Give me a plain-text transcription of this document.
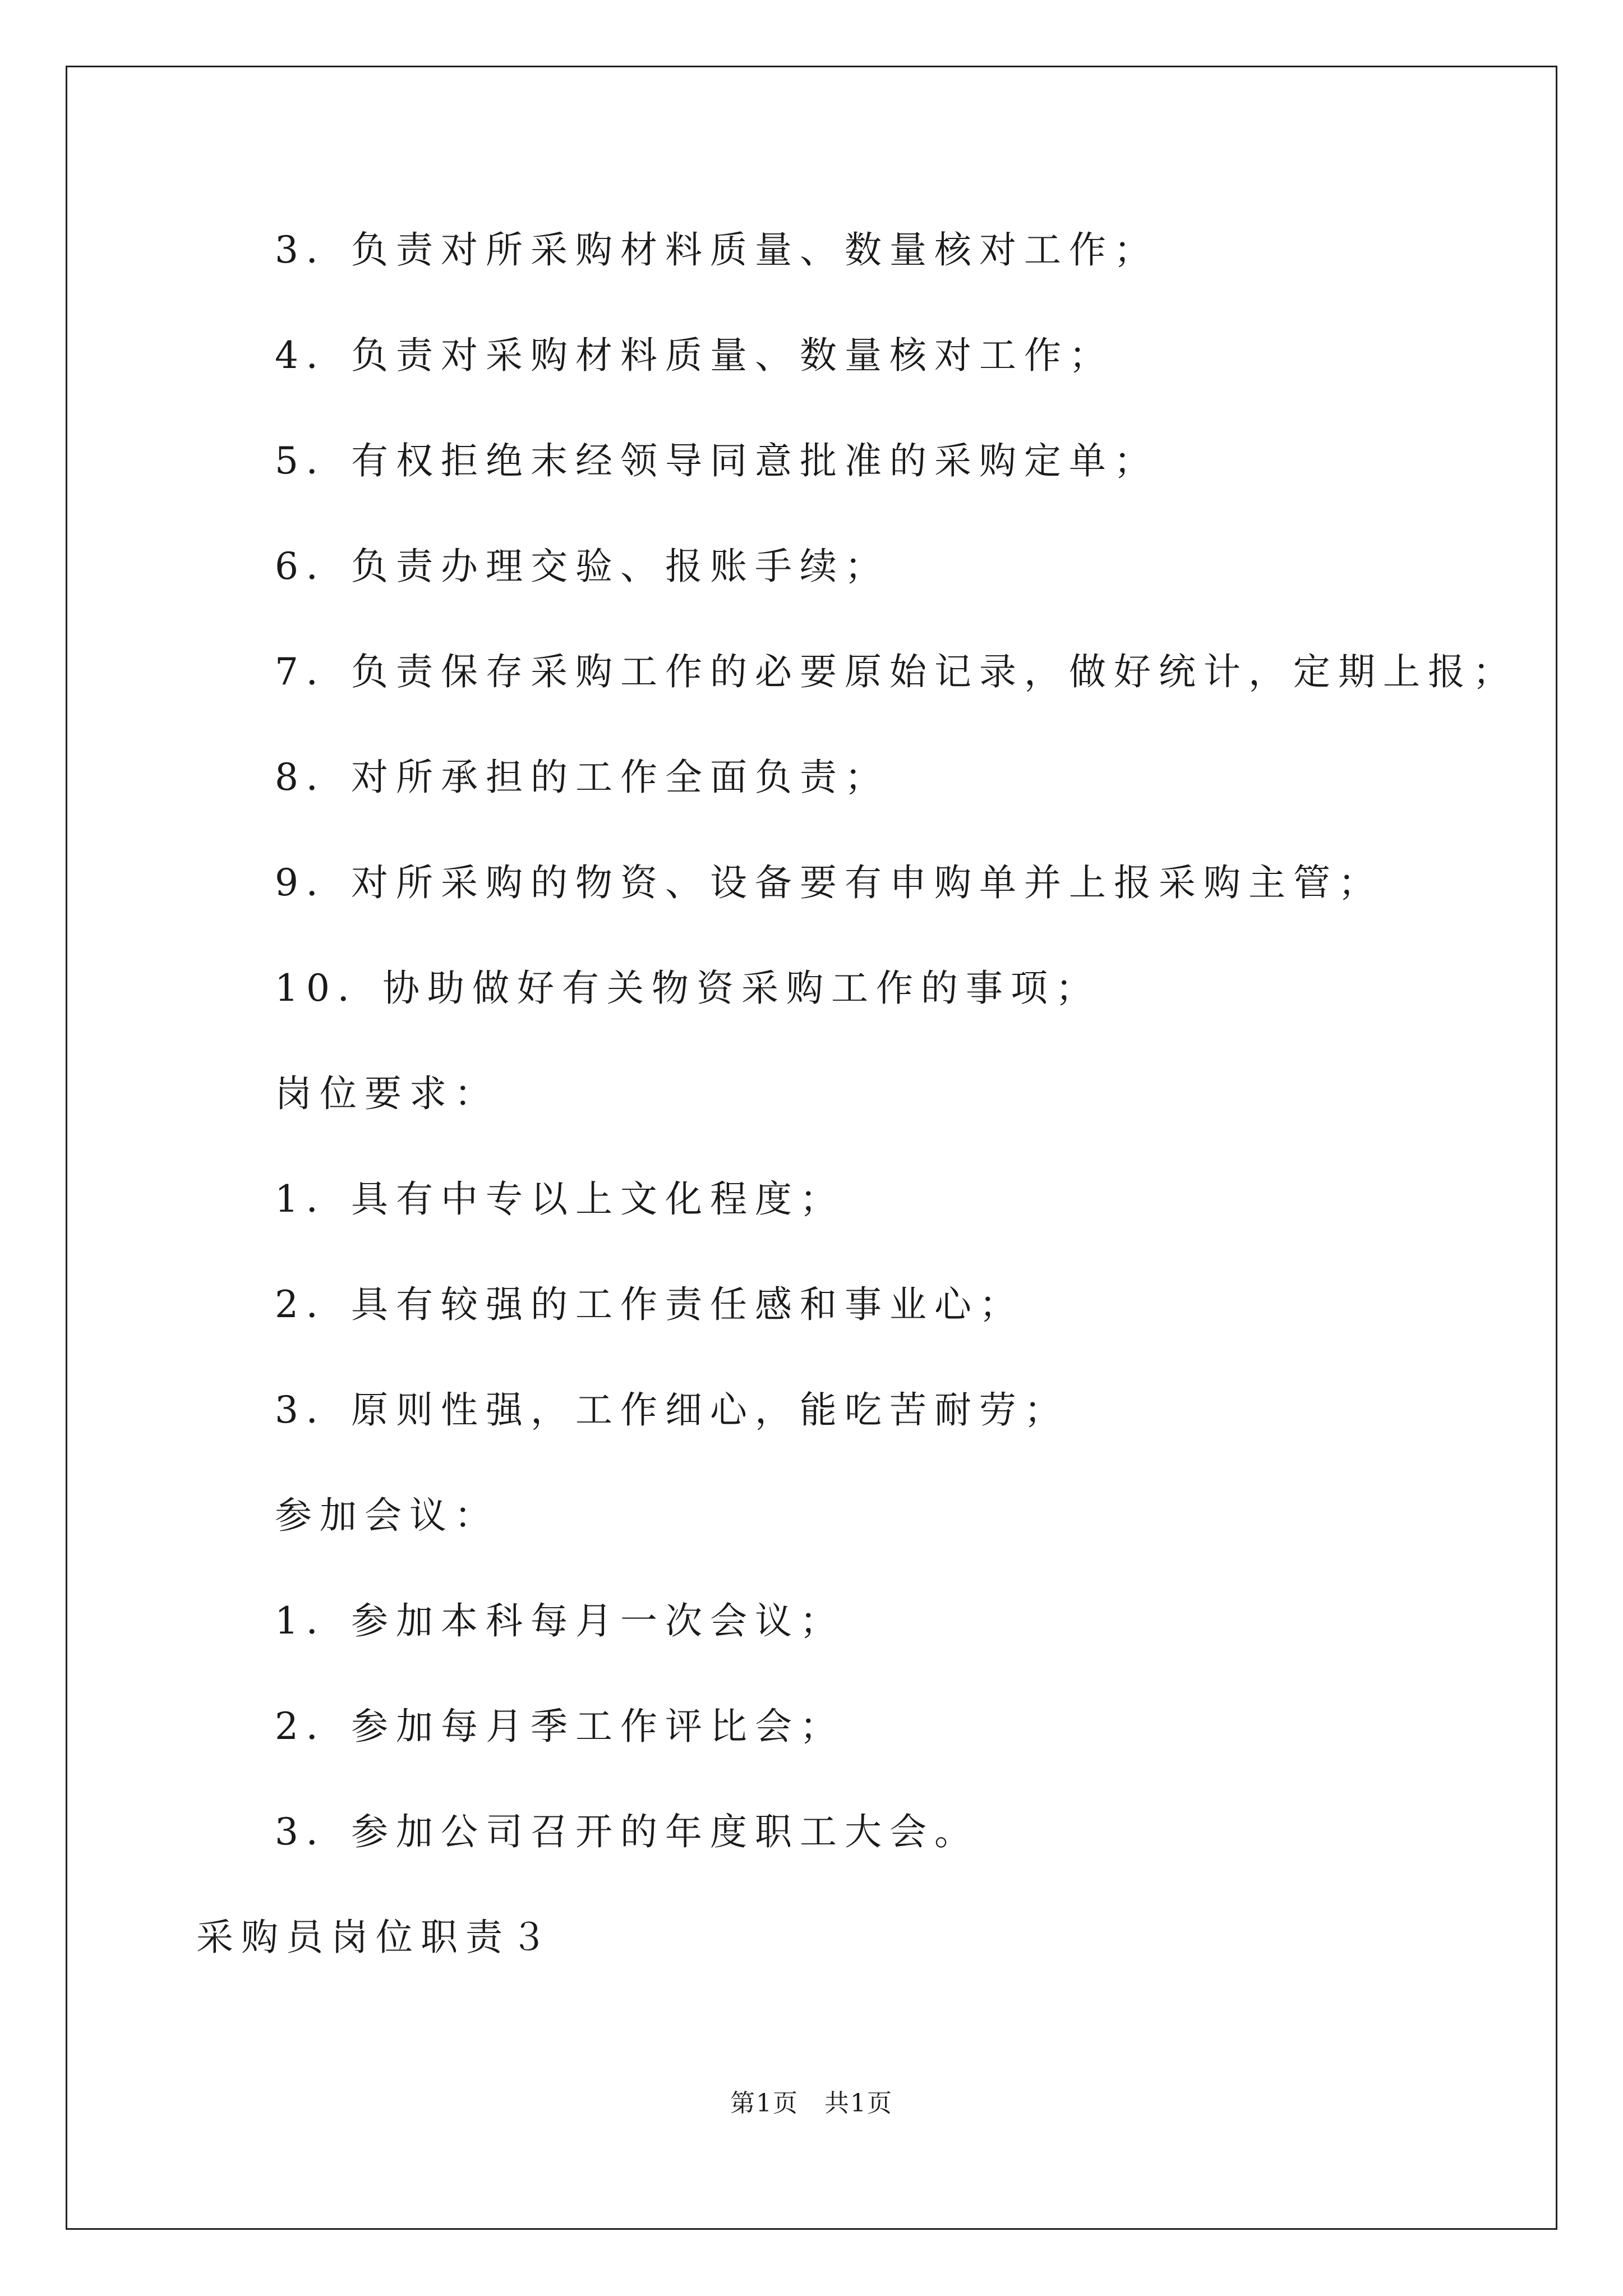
3．负责对所采购材料质量、数量核对工作；
4．负责对采购材料质量、数量核对工作；
5．有权拒绝末经领导同意批准的采购定单；
6．负责办理交验、报账手续；
7．负责保存采购工作的必要原始记录，做好统计，定期上报；
8．对所承担的工作全面负责；
9．对所采购的物资、设备要有申购单并上报采购主管；
10．协助做好有关物资采购工作的事项；
岗位要求：
1．具有中专以上文化程度；
2．具有较强的工作责任感和事业心；
3．原则性强，工作细心，能吃苦耐劳；
参加会议：
1．参加本科每月一次会议；
2．参加每月季工作评比会；
3．参加公司召开的年度职工大会。
采购员岗位职责３
第1页　共1页
